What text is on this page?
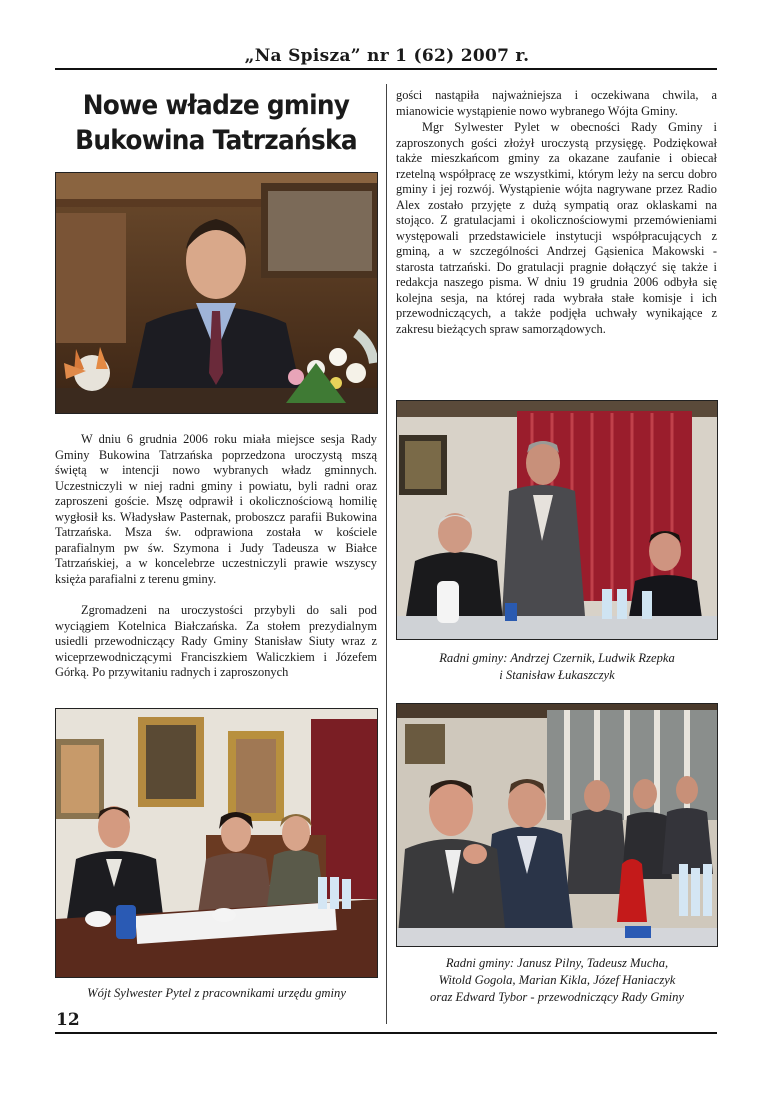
„Na Spisza” nr 1 (62) 2007 r.
Nowe władze gminy
Bukowina Tatrzańska
W dniu 6 grudnia 2006 roku miała miejsce sesja Rady Gminy Bukowina Tatrzańska poprzedzona uroczystą mszą świętą w intencji nowo wybranych władz gminnych. Uczestniczyli w niej radni gminy i powiatu, byli radni oraz zaproszeni goście. Mszę odprawił i okolicznościową homilię wygłosił ks. Władysław Pasternak, proboszcz parafii Bukowina Tatrzańska. Msza św. odprawiona została w kościele parafialnym pw św. Szymona i Judy Tadeusza w Białce Tatrzańskiej, a w koncelebrze uczestniczyli prawie wszyscy księża parafialni z terenu gminy.
Zgromadzeni na uroczystości przybyli do sali pod wyciągiem Kotelnica Białczańska. Za stołem prezydialnym usiedli przewodniczący Rady Gminy Stanisław Siuty wraz z wiceprzewodniczącymi Franciszkiem Waliczkiem i Józefem Górką. Po przywitaniu radnych i zaproszonych
gości nastąpiła najważniejsza i oczekiwana chwila, a mianowicie wystąpienie nowo wybranego Wójta Gminy.
Mgr Sylwester Pylet w obecności Rady Gminy i zaproszonych gości złożył uroczystą przysięgę. Podziękował także mieszkańcom gminy za okazane zaufanie i obiecał rzetelną współpracę ze wszystkimi, którym leży na sercu dobro gminy i jej rozwój. Wystąpienie wójta nagrywane przez Radio Alex zostało przyjęte z dużą sympatią oraz oklaskami na stojąco. Z gratulacjami i okolicznościowymi przemówieniami występowali przedstawiciele instytucji współpracujących z gminą, a w szczególności Andrzej Gąsienica Makowski - starosta tatrzański. Do gratulacji pragnie dołączyć się także i redakcja naszego pisma. W dniu 19 grudnia 2006 odbyła się kolejna sesja, na której rada wybrała stałe komisje i ich przewodniczących, a także podjęła uchwały wynikające z zakresu bieżących spraw samorządowych.
Radni gminy: Andrzej Czernik, Ludwik Rzepka
i Stanisław Łukaszczyk
Wójt Sylwester Pytel z pracownikami urzędu gminy
Radni gminy: Janusz Pilny, Tadeusz Mucha,
Witold Gogola, Marian Kikla, Józef Haniaczyk
oraz Edward Tybor - przewodniczący Rady Gminy
12
